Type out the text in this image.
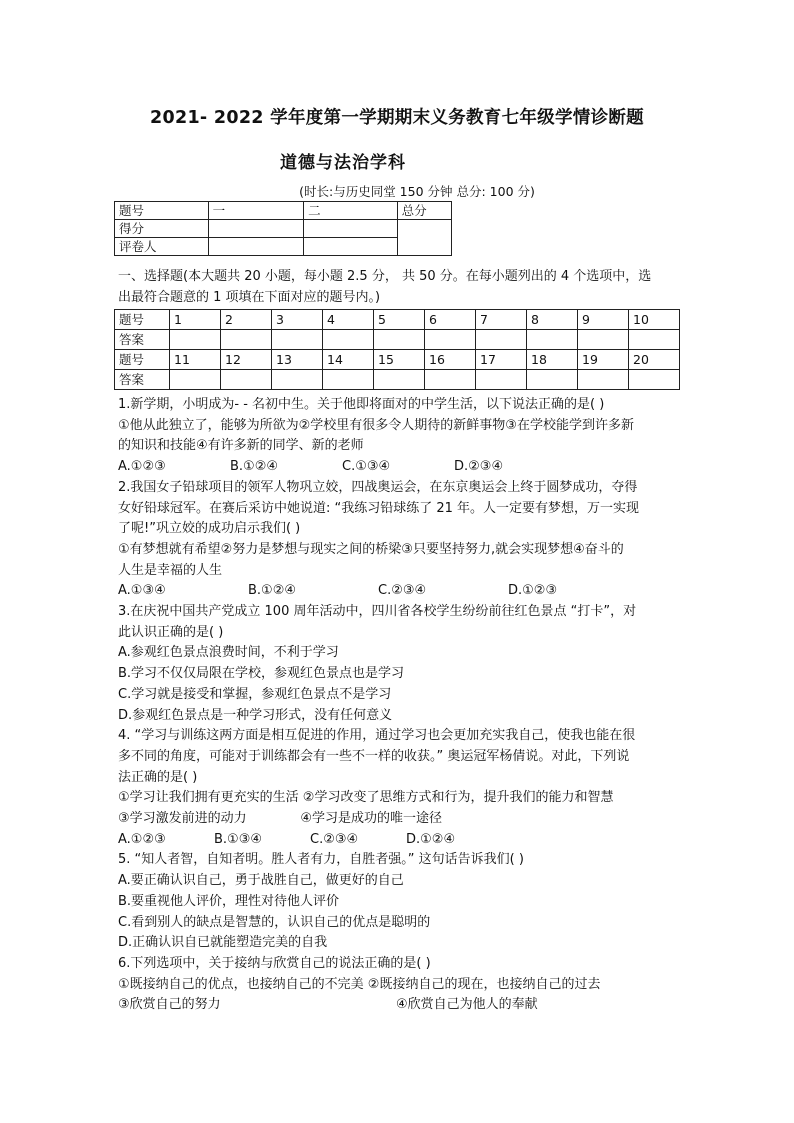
2021- 2022 学年度第一学期期末义务教育七年级学情诊断题
道德与法治学科
(时长:与历史同堂 150 分钟 总分: 100 分)
题号	一	二	总分
得分			
评卷人			
一、选择题(本大题共 20 小题，每小题 2.5 分， 共 50 分。在每小题列出的 4 个选项中，选
出最符合题意的 1 项填在下面对应的题号内。)
题号	1	2	3	4	5	6	7	8	9	10
答案										
题号	11	12	13	14	15	16	17	18	19	20
答案										
1.新学期，小明成为- - 名初中生。关于他即将面对的中学生活，以下说法正确的是( )
①他从此独立了，能够为所欲为②学校里有很多令人期待的新鲜事物③在学校能学到许多新
的知识和技能④有许多新的同学、新的老师
A.①②③	B.①②④	C.①③④	D.②③④
2.我国女子铅球项目的领军人物巩立姣，四战奥运会，在东京奥运会上终于圆梦成功，夺得
女好铅球冠军。在赛后采访中她说道: “我练习铅球练了 21 年。人一定要有梦想，万一实现
了呢!”巩立姣的成功启示我们( )
①有梦想就有希望②努力是梦想与现实之间的桥梁③只要坚持努力,就会实现梦想④奋斗的
人生是幸福的人生
A.①③④	B.①②④	C.②③④	D.①②③
3.在庆祝中国共产党成立 100 周年活动中，四川省各校学生纷纷前往红色景点 “打卡”，对
此认识正确的是( )
A.参观红色景点浪费时间，不利于学习
B.学习不仅仅局限在学校，参观红色景点也是学习
C.学习就是接受和掌握，参观红色景点不是学习
D.参观红色景点是一种学习形式，没有任何意义
4. “学习与训练这两方面是相互促进的作用，通过学习也会更加充实我自己，使我也能在很
多不同的角度，可能对于训练都会有一些不一样的收获。” 奥运冠军杨倩说。对此，下列说
法正确的是( )
①学习让我们拥有更充实的生活 ②学习改变了思维方式和行为，提升我们的能力和智慧
③学习激发前进的动力             ④学习是成功的唯一途径
A.①②③	B.①③④	C.②③④	D.①②④
5. “知人者智，自知者明。胜人者有力，自胜者强。” 这句话告诉我们( )
A.要正确认识自己，勇于战胜自己，做更好的自己
B.要重视他人评价，理性对待他人评价
C.看到别人的缺点是智慧的，认识自己的优点是聪明的
D.正确认识自已就能塑造完美的自我
6.下列选项中，关于接纳与欣赏自己的说法正确的是( )
①既接纳自己的优点，也接纳自己的不完美 ②既接纳自己的现在，也接纳自己的过去
③欣赏自己的努力	④欣赏自己为他人的奉献
